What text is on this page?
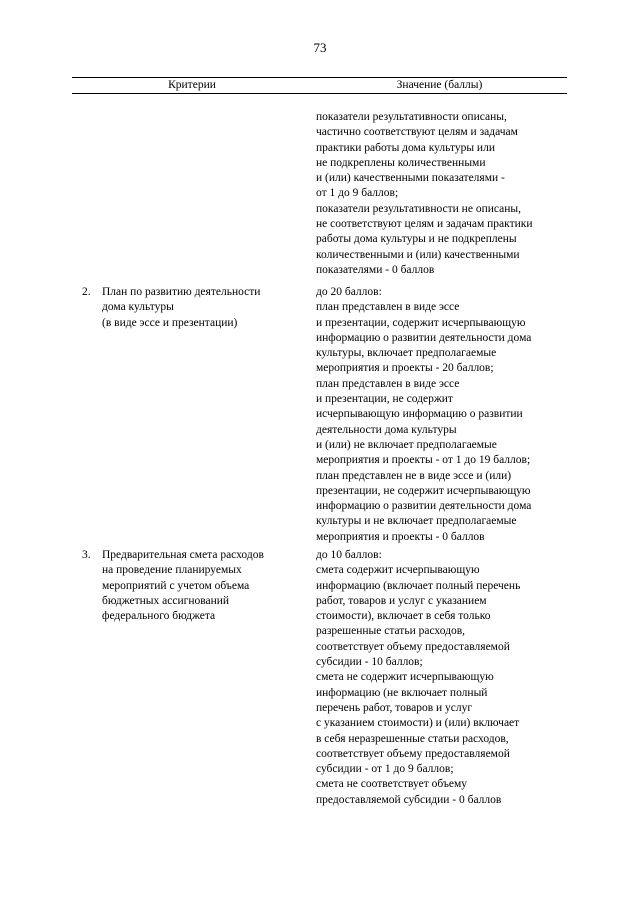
73
Критерии	Значение (баллы)
показатели результативности описаны,
частично соответствуют целям и задачам
практики работы дома культуры или
не подкреплены количественными
и (или) качественными показателями -
от 1 до 9 баллов;
показатели результативности не описаны,
не соответствуют целям и задачам практики
работы дома культуры и не подкреплены
количественными и (или) качественными
показателями - 0 баллов
2. План по развитию деятельности
дома культуры
(в виде эссе и презентации)
до 20 баллов:
план представлен в виде эссе
и презентации, содержит исчерпывающую
информацию о развитии деятельности дома
культуры, включает предполагаемые
мероприятия и проекты - 20 баллов;
план представлен в виде эссе
и презентации, не содержит
исчерпывающую информацию о развитии
деятельности дома культуры
и (или) не включает предполагаемые
мероприятия и проекты - от 1 до 19 баллов;
план представлен не в виде эссе и (или)
презентации, не содержит исчерпывающую
информацию о развитии деятельности дома
культуры и не включает предполагаемые
мероприятия и проекты - 0 баллов
3. Предварительная смета расходов
на проведение планируемых
мероприятий с учетом объема
бюджетных ассигнований
федерального бюджета
до 10 баллов:
смета содержит исчерпывающую
информацию (включает полный перечень
работ, товаров и услуг с указанием
стоимости), включает в себя только
разрешенные статьи расходов,
соответствует объему предоставляемой
субсидии - 10 баллов;
смета не содержит исчерпывающую
информацию (не включает полный
перечень работ, товаров и услуг
с указанием стоимости) и (или) включает
в себя неразрешенные статьи расходов,
соответствует объему предоставляемой
субсидии - от 1 до 9 баллов;
смета не соответствует объему
предоставляемой субсидии - 0 баллов
